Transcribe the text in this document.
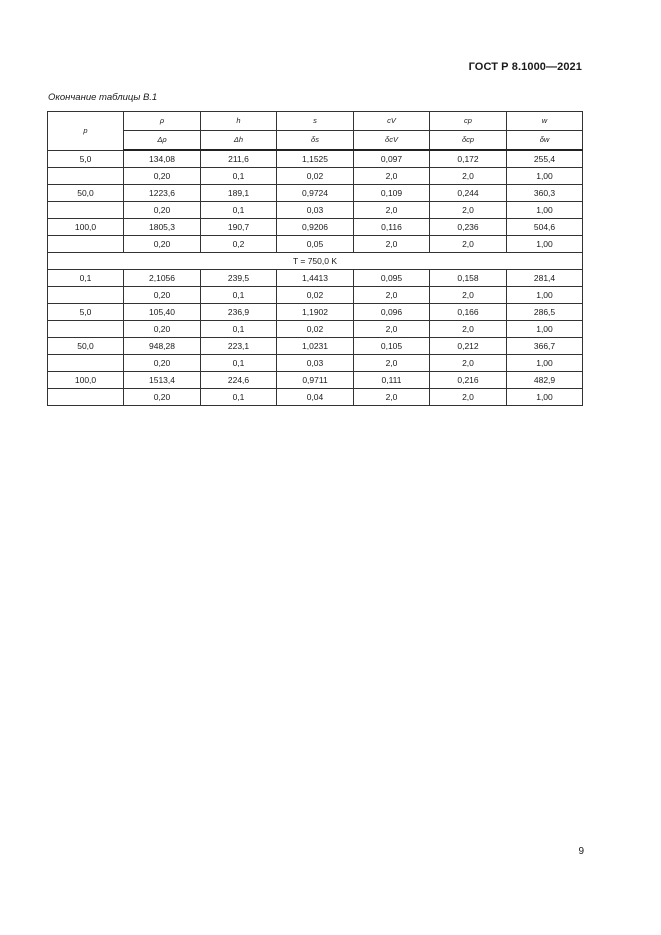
ГОСТ Р 8.1000—2021
Окончание таблицы В.1
p	ρ	h	s	cV	cp	w
	Δρ	Δh	δs	δcV	δcp	δw
5,0	134,08	211,6	1,1525	0,097	0,172	255,4
	0,20	0,1	0,02	2,0	2,0	1,00
50,0	1223,6	189,1	0,9724	0,109	0,244	360,3
	0,20	0,1	0,03	2,0	2,0	1,00
100,0	1805,3	190,7	0,9206	0,116	0,236	504,6
	0,20	0,2	0,05	2,0	2,0	1,00
T = 750,0 K						
0,1	2,1056	239,5	1,4413	0,095	0,158	281,4
	0,20	0,1	0,02	2,0	2,0	1,00
5,0	105,40	236,9	1,1902	0,096	0,166	286,5
	0,20	0,1	0,02	2,0	2,0	1,00
50,0	948,28	223,1	1,0231	0,105	0,212	366,7
	0,20	0,1	0,03	2,0	2,0	1,00
100,0	1513,4	224,6	0,9711	0,111	0,216	482,9
	0,20	0,1	0,04	2,0	2,0	1,00
9
